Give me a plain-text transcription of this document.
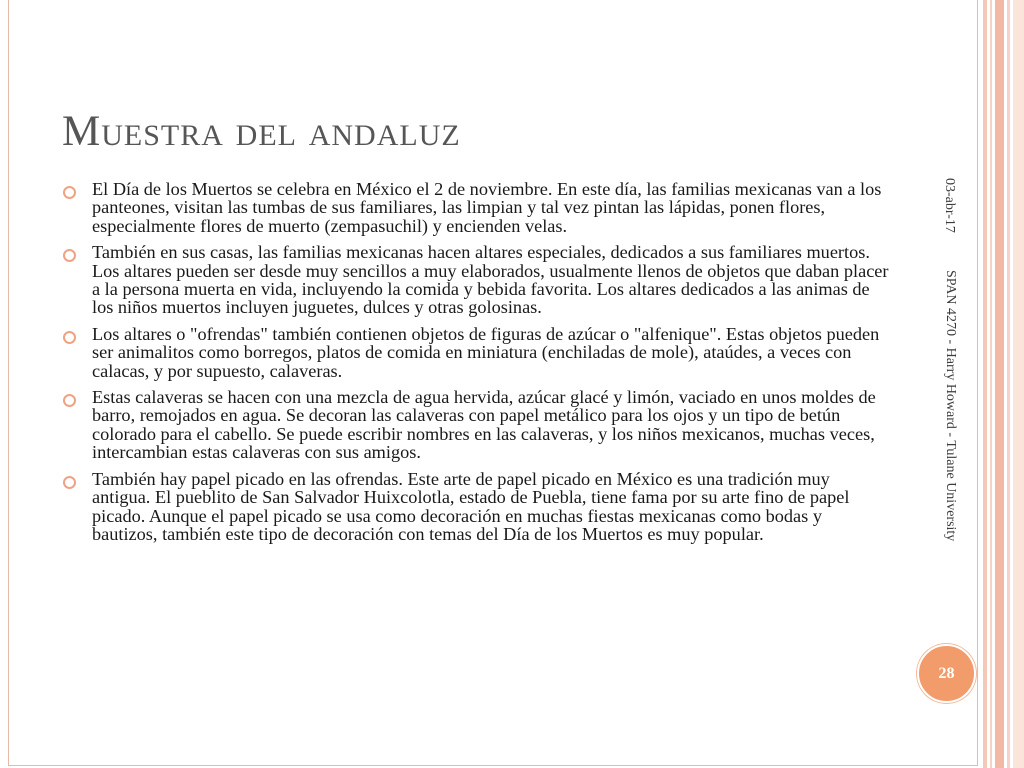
Muestra del andaluz
El Día de los Muertos se celebra en México el 2 de noviembre. En este día, las familias mexicanas van a los panteones, visitan las tumbas de sus familiares, las limpian y tal vez pintan las lápidas, ponen flores, especialmente flores de muerto (zempasuchil) y encienden velas.
También en sus casas, las familias mexicanas hacen altares especiales, dedicados a sus familiares muertos. Los altares pueden ser desde muy sencillos a muy elaborados, usualmente llenos de objetos que daban placer a la persona muerta en vida, incluyendo la comida y bebida favorita. Los altares dedicados a las animas de los niños muertos incluyen juguetes, dulces y otras golosinas.
Los altares o "ofrendas" también contienen objetos de figuras de azúcar o "alfenique". Estas objetos pueden ser animalitos como borregos, platos de comida en miniatura (enchiladas de mole), ataúdes, a veces con calacas, y por supuesto, calaveras.
Estas calaveras se hacen con una mezcla de agua hervida, azúcar glacé y limón, vaciado en unos moldes de barro, remojados en agua. Se decoran las calaveras con papel metálico para los ojos y un tipo de betún colorado para el cabello. Se puede escribir nombres en las calaveras, y los niños mexicanos, muchas veces, intercambian estas calaveras con sus amigos.
También hay papel picado en las ofrendas. Este arte de papel picado en México es una tradición muy antigua. El pueblito de San Salvador Huixcolotla, estado de Puebla, tiene fama por su arte fino de papel picado. Aunque el papel picado se usa como decoración en muchas fiestas mexicanas como bodas y bautizos, también este tipo de decoración con temas del Día de los Muertos es muy popular.
03-abr-17
SPAN 4270 - Harry Howard - Tulane University
28
